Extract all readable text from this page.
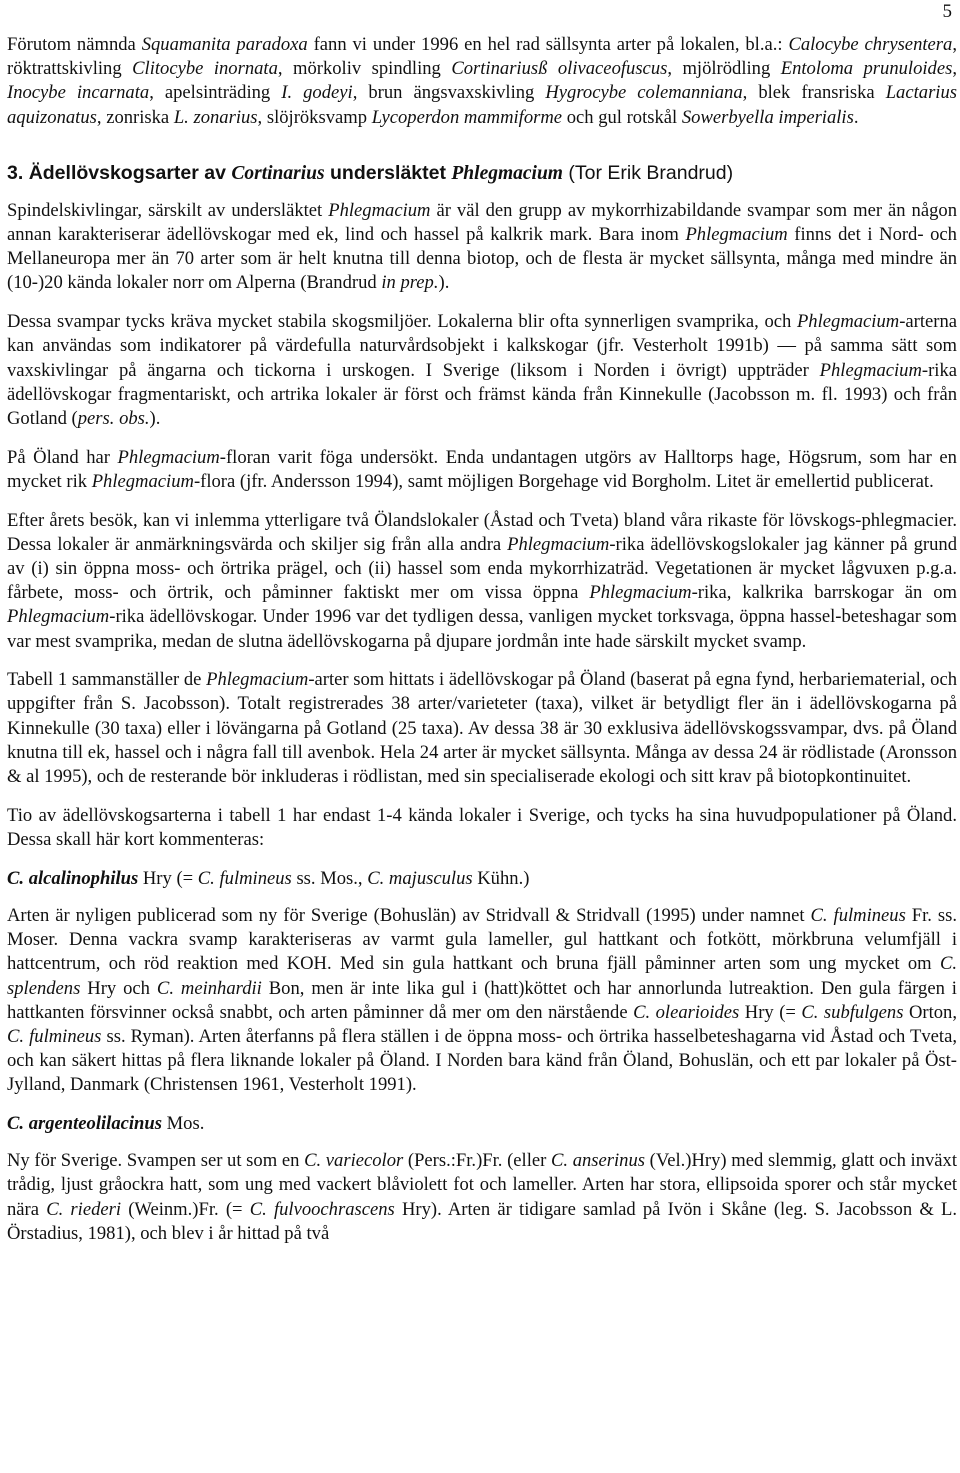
5

Förutom nämnda Squamanita paradoxa fann vi under 1996 en hel rad sällsynta arter på lokalen, bl.a.: Calocybe chrysentera, röktrattskivling Clitocybe inornata, mörkoliv spindling Cortinariusß olivaceofuscus, mjölrödling Entoloma prunuloides, Inocybe incarnata, apelsinträding I. godeyi, brun ängsvaxskivling Hygrocybe colemanniana, blek fransriska Lactarius aquizonatus, zonriska L. zonarius, slöjröksvamp Lycoperdon mammiforme och gul rotskål Sowerbyella imperialis.

3. Ädellövskogsarter av Cortinarius undersläktet Phlegmacium (Tor Erik Brandrud)

Spindelskivlingar, särskilt av undersläktet Phlegmacium är väl den grupp av mykorrhizabildande svampar som mer än någon annan karakteriserar ädellövskogar med ek, lind och hassel på kalkrik mark. Bara inom Phlegmacium finns det i Nord- och Mellaneuropa mer än 70 arter som är helt knutna till denna biotop, och de flesta är mycket sällsynta, många med mindre än (10-)20 kända lokaler norr om Alperna (Brandrud in prep.).

Dessa svampar tycks kräva mycket stabila skogsmiljöer. Lokalerna blir ofta synnerligen svamprika, och Phlegmacium-arterna kan användas som indikatorer på värdefulla naturvårdsobjekt i kalkskogar (jfr. Vesterholt 1991b) — på samma sätt som vaxskivlingar på ängarna och tickorna i urskogen. I Sverige (liksom i Norden i övrigt) uppträder Phlegmacium-rika ädellövskogar fragmentariskt, och artrika lokaler är först och främst kända från Kinnekulle (Jacobsson m. fl. 1993) och från Gotland (pers. obs.).

På Öland har Phlegmacium-floran varit föga undersökt. Enda undantagen utgörs av Halltorps hage, Högsrum, som har en mycket rik Phlegmacium-flora (jfr. Andersson 1994), samt möjligen Borgehage vid Borgholm. Litet är emellertid publicerat.

Efter årets besök, kan vi inlemma ytterligare två Ölandslokaler (Åstad och Tveta) bland våra rikaste för lövskogs-phlegmacier. Dessa lokaler är anmärkningsvärda och skiljer sig från alla andra Phlegmacium-rika ädellövskogslokaler jag känner på grund av (i) sin öppna moss- och örtrika prägel, och (ii) hassel som enda mykorrhizaträd. Vegetationen är mycket lågvuxen p.g.a. fårbete, moss- och örtrik, och påminner faktiskt mer om vissa öppna Phlegmacium-rika, kalkrika barrskogar än om Phlegmacium-rika ädellövskogar. Under 1996 var det tydligen dessa, vanligen mycket torksvaga, öppna hassel-beteshagar som var mest svamprika, medan de slutna ädellövskogarna på djupare jordmån inte hade särskilt mycket svamp.

Tabell 1 sammanställer de Phlegmacium-arter som hittats i ädellövskogar på Öland (baserat på egna fynd, herbariematerial, och uppgifter från S. Jacobsson). Totalt registrerades 38 arter/varieteter (taxa), vilket är betydligt fler än i ädellövskogarna på Kinnekulle (30 taxa) eller i lövängarna på Gotland (25 taxa). Av dessa 38 är 30 exklusiva ädellövskogssvampar, dvs. på Öland knutna till ek, hassel och i några fall till avenbok. Hela 24 arter är mycket sällsynta. Många av dessa 24 är rödlistade (Aronsson & al 1995), och de resterande bör inkluderas i rödlistan, med sin specialiserade ekologi och sitt krav på biotopkontinuitet.

Tio av ädellövskogsarterna i tabell 1 har endast 1-4 kända lokaler i Sverige, och tycks ha sina huvudpopulationer på Öland. Dessa skall här kort kommenteras:

C. alcalinophilus Hry (= C. fulmineus ss. Mos., C. majusculus Kühn.)

Arten är nyligen publicerad som ny för Sverige (Bohuslän) av Stridvall & Stridvall (1995) under namnet C. fulmineus Fr. ss. Moser. Denna vackra svamp karakteriseras av varmt gula lameller, gul hattkant och fotkött, mörkbruna velumfjäll i hattcentrum, och röd reaktion med KOH. Med sin gula hattkant och bruna fjäll påminner arten som ung mycket om C. splendens Hry och C. meinhardii Bon, men är inte lika gul i (hatt)köttet och har annorlunda lutreaktion. Den gula färgen i hattkanten försvinner också snabbt, och arten påminner då mer om den närstående C. olearioides Hry (= C. subfulgens Orton, C. fulmineus ss. Ryman). Arten återfanns på flera ställen i de öppna moss- och örtrika hasselbeteshagarna vid Åstad och Tveta, och kan säkert hittas på flera liknande lokaler på Öland. I Norden bara känd från Öland, Bohuslän, och ett par lokaler på Öst-Jylland, Danmark (Christensen 1961, Vesterholt 1991).

C. argenteolilacinus Mos.

Ny för Sverige. Svampen ser ut som en C. variecolor (Pers.:Fr.)Fr. (eller C. anserinus (Vel.)Hry) med slemmig, glatt och inväxt trådig, ljust gråockra hatt, som ung med vackert blåviolett fot och lameller. Arten har stora, ellipsoida sporer och står mycket nära C. riederi (Weinm.)Fr. (= C. fulvoochrascens Hry). Arten är tidigare samlad på Ivön i Skåne (leg. S. Jacobsson & L. Örstadius, 1981), och blev i år hittad på två
